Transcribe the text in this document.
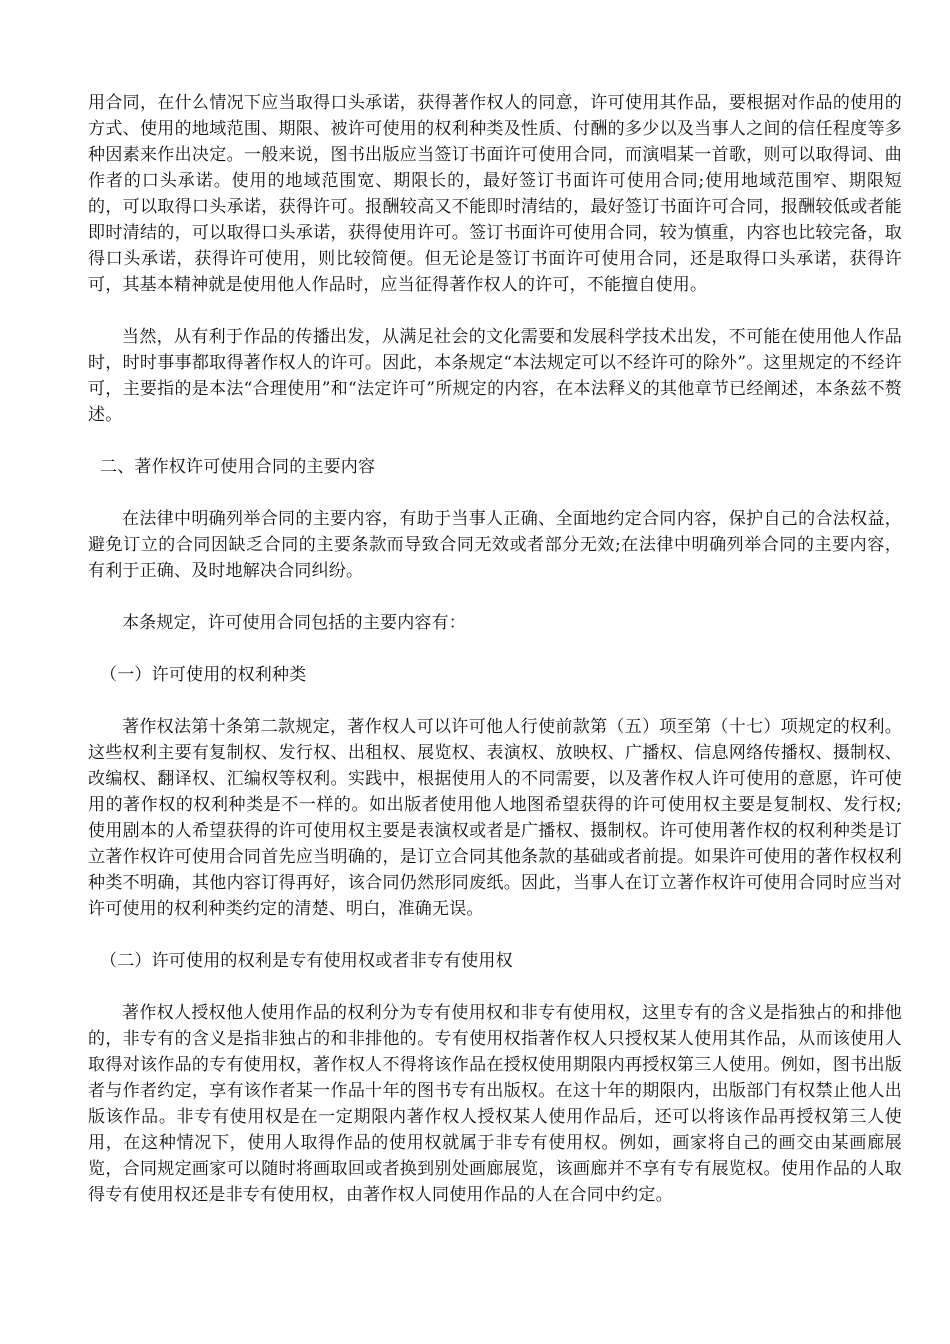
用合同，在什么情况下应当取得口头承诺，获得著作权人的同意，许可使用其作品，要根据对作品的使用的方式、使用的地域范围、期限、被许可使用的权利种类及性质、付酬的多少以及当事人之间的信任程度等多种因素来作出决定。一般来说，图书出版应当签订书面许可使用合同，而演唱某一首歌，则可以取得词、曲作者的口头承诺。使用的地域范围宽、期限长的，最好签订书面许可使用合同;使用地域范围窄、期限短的，可以取得口头承诺，获得许可。报酬较高又不能即时清结的，最好签订书面许可合同，报酬较低或者能即时清结的，可以取得口头承诺，获得使用许可。签订书面许可使用合同，较为慎重，内容也比较完备，取得口头承诺，获得许可使用，则比较简便。但无论是签订书面许可使用合同，还是取得口头承诺，获得许可，其基本精神就是使用他人作品时，应当征得著作权人的许可，不能擅自使用。

当然，从有利于作品的传播出发，从满足社会的文化需要和发展科学技术出发，不可能在使用他人作品时，时时事事都取得著作权人的许可。因此，本条规定“本法规定可以不经许可的除外”。这里规定的不经许可，主要指的是本法“合理使用”和“法定许可”所规定的内容，在本法释义的其他章节已经阐述，本条兹不赘述。

二、著作权许可使用合同的主要内容

在法律中明确列举合同的主要内容，有助于当事人正确、全面地约定合同内容，保护自己的合法权益，避免订立的合同因缺乏合同的主要条款而导致合同无效或者部分无效;在法律中明确列举合同的主要内容，有利于正确、及时地解决合同纠纷。

本条规定，许可使用合同包括的主要内容有：

（一）许可使用的权利种类

著作权法第十条第二款规定，著作权人可以许可他人行使前款第（五）项至第（十七）项规定的权利。这些权利主要有复制权、发行权、出租权、展览权、表演权、放映权、广播权、信息网络传播权、摄制权、改编权、翻译权、汇编权等权利。实践中，根据使用人的不同需要，以及著作权人许可使用的意愿，许可使用的著作权的权利种类是不一样的。如出版者使用他人地图希望获得的许可使用权主要是复制权、发行权;使用剧本的人希望获得的许可使用权主要是表演权或者是广播权、摄制权。许可使用著作权的权利种类是订立著作权许可使用合同首先应当明确的，是订立合同其他条款的基础或者前提。如果许可使用的著作权权利种类不明确，其他内容订得再好，该合同仍然形同废纸。因此，当事人在订立著作权许可使用合同时应当对许可使用的权利种类约定的清楚、明白，准确无误。

（二）许可使用的权利是专有使用权或者非专有使用权

著作权人授权他人使用作品的权利分为专有使用权和非专有使用权，这里专有的含义是指独占的和排他的，非专有的含义是指非独占的和非排他的。专有使用权指著作权人只授权某人使用其作品，从而该使用人取得对该作品的专有使用权，著作权人不得将该作品在授权使用期限内再授权第三人使用。例如，图书出版者与作者约定，享有该作者某一作品十年的图书专有出版权。在这十年的期限内，出版部门有权禁止他人出版该作品。非专有使用权是在一定期限内著作权人授权某人使用作品后，还可以将该作品再授权第三人使用，在这种情况下，使用人取得作品的使用权就属于非专有使用权。例如，画家将自己的画交由某画廊展览，合同规定画家可以随时将画取回或者换到别处画廊展览，该画廊并不享有专有展览权。使用作品的人取得专有使用权还是非专有使用权，由著作权人同使用作品的人在合同中约定。
